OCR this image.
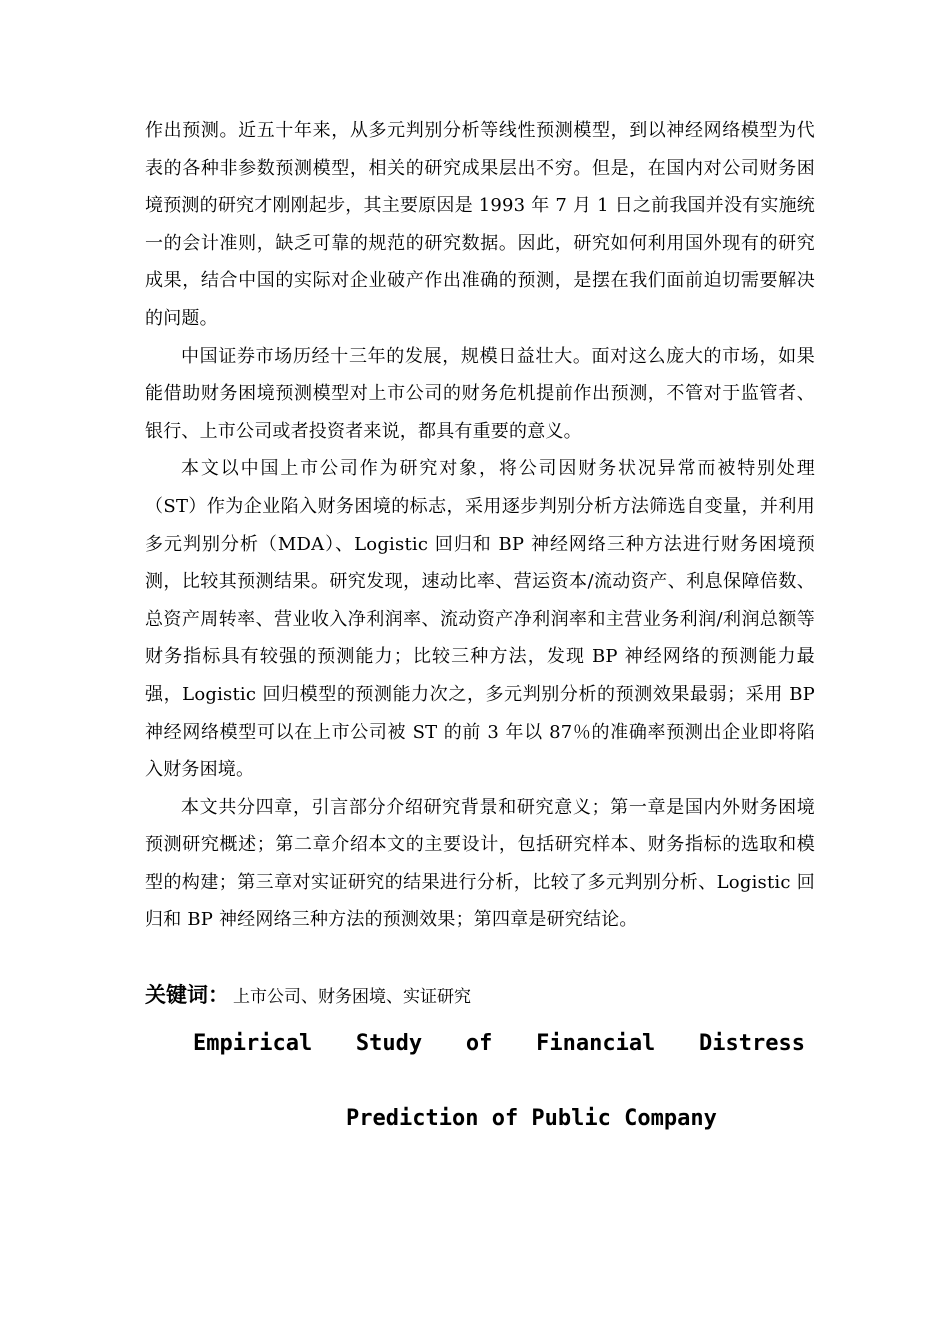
作出预测。近五十年来，从多元判别分析等线性预测模型，到以神经网络模型为代表的各种非参数预测模型，相关的研究成果层出不穷。但是，在国内对公司财务困境预测的研究才刚刚起步，其主要原因是 1993 年 7 月 1 日之前我国并没有实施统一的会计准则，缺乏可靠的规范的研究数据。因此，研究如何利用国外现有的研究成果，结合中国的实际对企业破产作出准确的预测，是摆在我们面前迫切需要解决的问题。

中国证券市场历经十三年的发展，规模日益壮大。面对这么庞大的市场，如果能借助财务困境预测模型对上市公司的财务危机提前作出预测，不管对于监管者、银行、上市公司或者投资者来说，都具有重要的意义。

本文以中国上市公司作为研究对象，将公司因财务状况异常而被特别处理（ST）作为企业陷入财务困境的标志，采用逐步判别分析方法筛选自变量，并利用多元判别分析（MDA）、Logistic 回归和 BP 神经网络三种方法进行财务困境预测，比较其预测结果。研究发现，速动比率、营运资本/流动资产、利息保障倍数、总资产周转率、营业收入净利润率、流动资产净利润率和主营业务利润/利润总额等财务指标具有较强的预测能力；比较三种方法，发现 BP 神经网络的预测能力最强，Logistic 回归模型的预测能力次之，多元判别分析的预测效果最弱；采用 BP 神经网络模型可以在上市公司被 ST 的前 3 年以 87％的准确率预测出企业即将陷入财务困境。

本文共分四章，引言部分介绍研究背景和研究意义；第一章是国内外财务困境预测研究概述；第二章介绍本文的主要设计，包括研究样本、财务指标的选取和模型的构建；第三章对实证研究的结果进行分析，比较了多元判别分析、Logistic 回归和 BP 神经网络三种方法的预测效果；第四章是研究结论。

关键词： 上市公司、财务困境、实证研究
Empirical Study of Financial Distress
Prediction of Public Company
